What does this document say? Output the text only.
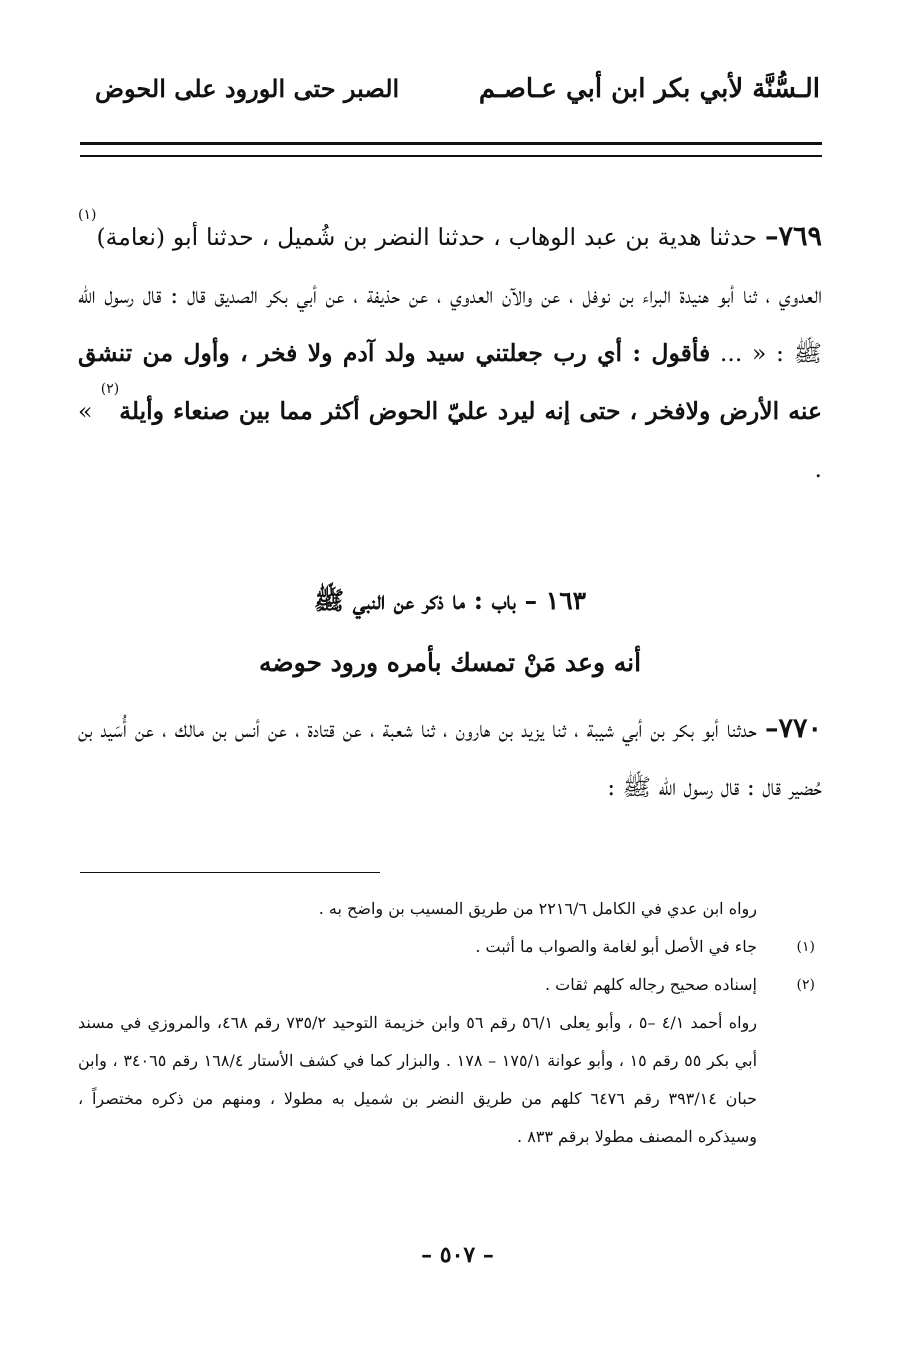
الـسُّنَّة لأبي بكر ابن أبي عـاصـم
الصبر حتى الورود على الحوض
٧٦٩– حدثنا هدية بن عبد الوهاب ، حدثنا النضر بن شُميل ، حدثنا أبو (نعامة)$^{(١)}$ العدوي ، ثنا أبو هنيدة البراء بن نوفل ، عن والآن العدوي ، عن حذيفة ، عن أبي بكر الصديق قال : قال رسول الله ﷺ : « ... فأقول : أي رب جعلتني سيد ولد آدم ولا فخر ، وأول من تنشق عنه الأرض ولافخر ، حتى إنه ليرد عليّ الحوض أكثر مما بين صنعاء وأيلة$^{(٢)}$ » .
١٦٣ – باب : ما ذكر عن النبي ﷺ
أنه وعد مَنْ تمسك بأمره ورود حوضه
٧٧٠– حدثنا أبو بكر بن أبي شيبة ، ثنا يزيد بن هارون ، ثنا شعبة ، عن قتادة ، عن أنس بن مالك ، عن أُسَيد بن حُضير قال : قال رسول الله ﷺ :
رواه ابن عدي في الكامل ٢٢١٦/٦ من طريق المسيب بن واضح به .
(١)
جاء في الأصل أبو لغامة والصواب ما أثبت .
(٢)
إسناده صحيح رجاله كلهم ثقات .
رواه أحمد ٤/١ –٥ ، وأبو يعلى ٥٦/١ رقم ٥٦ وابن خزيمة التوحيد ٧٣٥/٢ رقم ٤٦٨، والمروزي في مسند أبي بكر ٥٥ رقم ١٥ ، وأبو عوانة ١٧٥/١ – ١٧٨ . والبزار كما في كشف الأستار ١٦٨/٤ رقم ٣٤٠٦٥ ، وابن حبان ٣٩٣/١٤ رقم ٦٤٧٦ كلهم من طريق النضر بن شميل به مطولا ، ومنهم من ذكره مختصراً ، وسيذكره المصنف مطولا برقم ٨٣٣ .
– ٥٠٧ –
